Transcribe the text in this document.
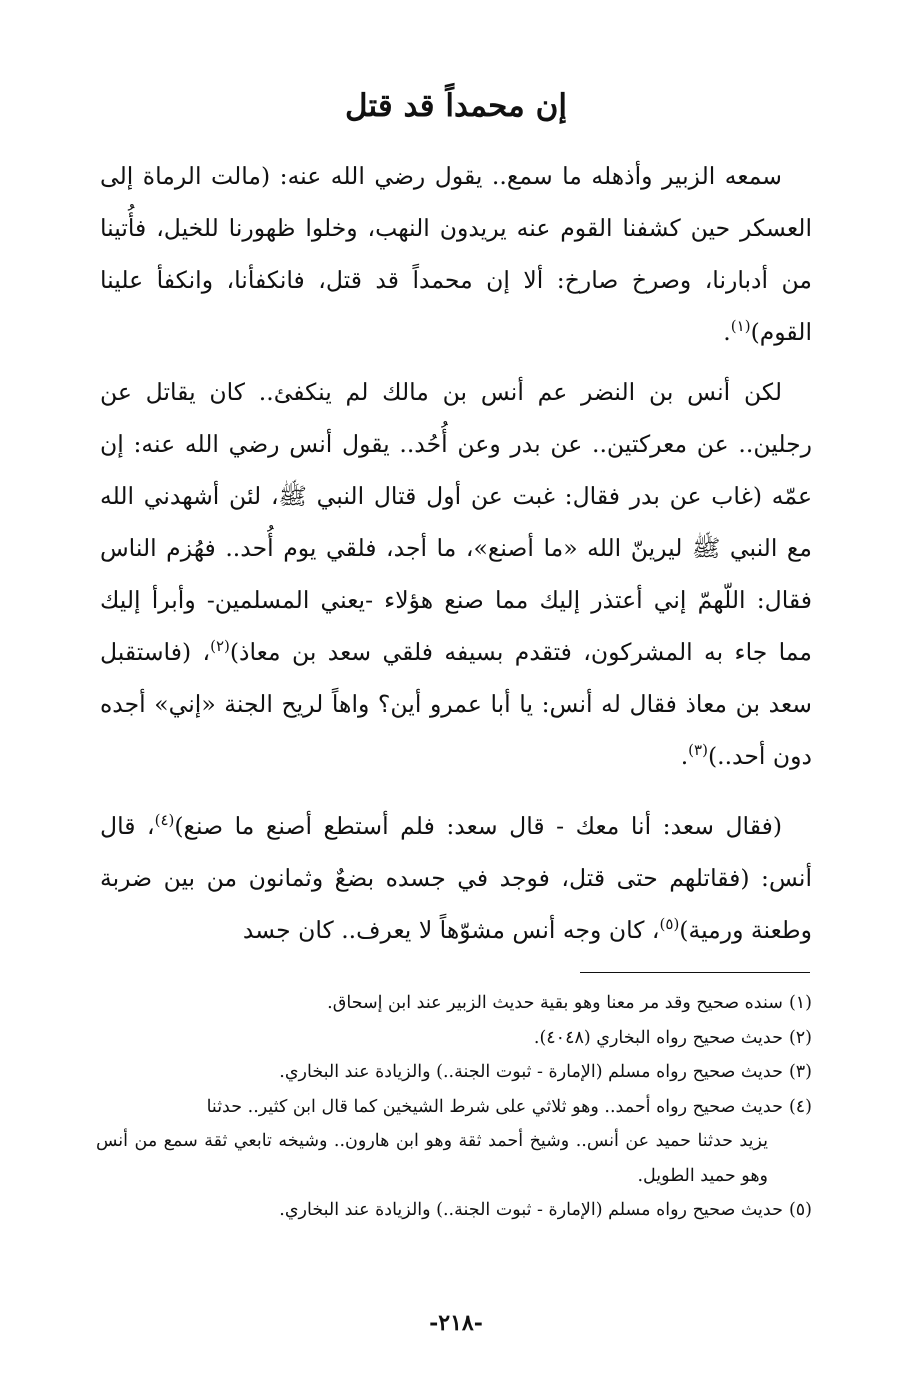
إن محمداً قد قتل

سمعه الزبير وأذهله ما سمع.. يقول رضي الله عنه: (مالت الرماة إلى العسكر حين كشفنا القوم عنه يريدون النهب، وخلوا ظهورنا للخيل، فأُتينا من أدبارنا، وصرخ صارخ: ألا إن محمداً قد قتل، فانكفأنا، وانكفأ علينا القوم)$^{(١)}$.

لكن أنس بن النضر عم أنس بن مالك لم ينكفئ.. كان يقاتل عن رجلين.. عن معركتين.. عن بدر وعن أُحُد.. يقول أنس رضي الله عنه: إن عمّه (غاب عن بدر فقال: غبت عن أول قتال النبي ﷺ، لئن أشهدني الله مع النبي ﷺ ليرينّ الله «ما أصنع»، ما أجد، فلقي يوم أُحد.. فهُزم الناس فقال: اللّهمّ إني أعتذر إليك مما صنع هؤلاء -يعني المسلمين- وأبرأ إليك مما جاء به المشركون، فتقدم بسيفه فلقي سعد بن معاذ)$^{(٢)}$، (فاستقبل سعد بن معاذ فقال له أنس: يا أبا عمرو أين؟ واهاً لريح الجنة «إني» أجده دون أحد..)$^{(٣)}$.

(فقال سعد: أنا معك - قال سعد: فلم أستطع أصنع ما صنع)$^{(٤)}$، قال أنس: (فقاتلهم حتى قتل، فوجد في جسده بضعٌ وثمانون من بين ضربة وطعنة ورمية)$^{(٥)}$، كان وجه أنس مشوّهاً لا يعرف.. كان جسد

(١)سنده صحيح وقد مر معنا وهو بقية حديث الزبير عند ابن إسحاق.

(٢)حديث صحيح رواه البخاري (٤٠٤٨).

(٣)حديث صحيح رواه مسلم (الإمارة - ثبوت الجنة..) والزيادة عند البخاري.

(٤)حديث صحيح رواه أحمد.. وهو ثلاثي على شرط الشيخين كما قال ابن كثير.. حدثنا

يزيد حدثنا حميد عن أنس.. وشيخ أحمد ثقة وهو ابن هارون.. وشيخه تابعي ثقة سمع من أنس وهو حميد الطويل.

(٥)حديث صحيح رواه مسلم (الإمارة - ثبوت الجنة..) والزيادة عند البخاري.

-٢١٨-
